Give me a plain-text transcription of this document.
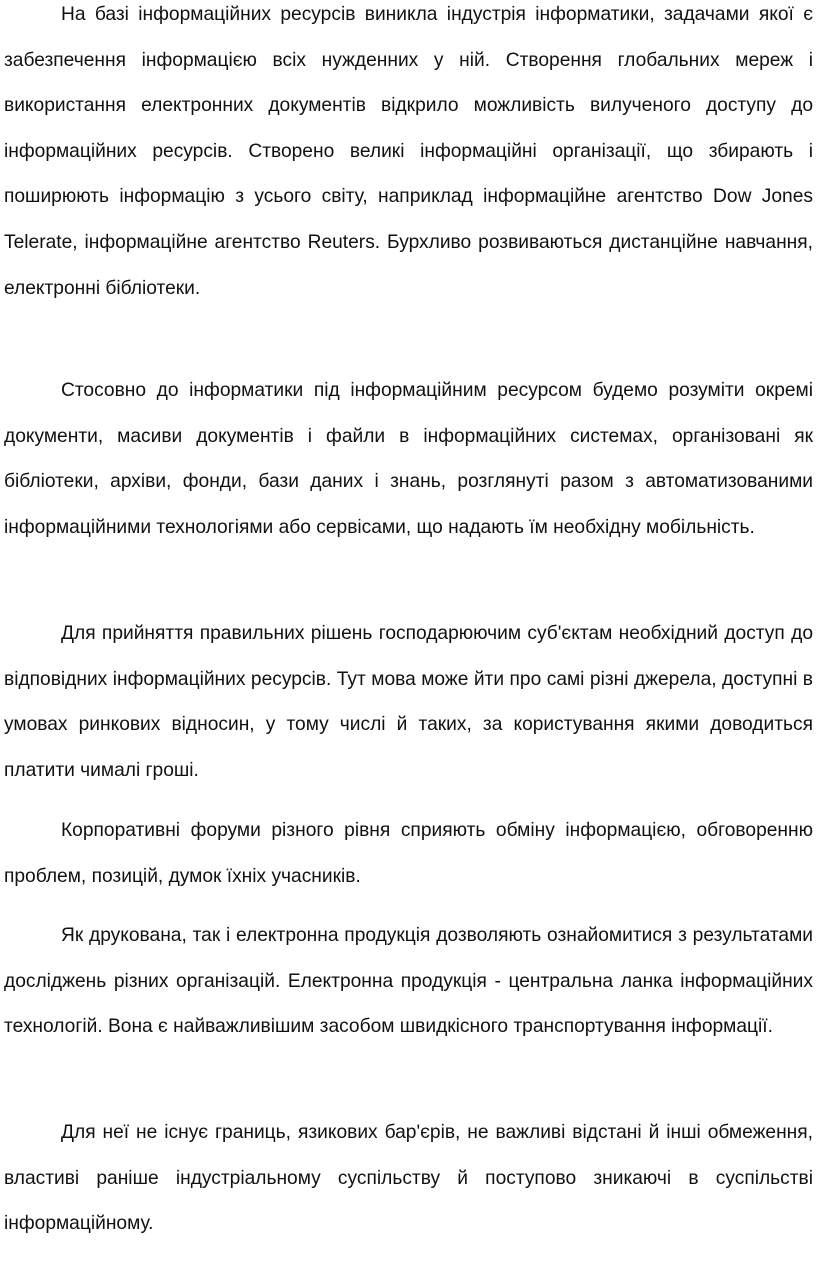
На базі інформаційних ресурсів виникла індустрія інформатики, задачами якої є забезпечення інформацією всіх нужденних у ній. Створення глобальних мереж і використання електронних документів відкрило можливість вилученого доступу до інформаційних ресурсів. Створено великі інформаційні організації, що збирають і поширюють інформацію з усього світу, наприклад інформаційне агентство Dow Jones Telerate, інформаційне агентство Reuters. Бурхливо розвиваються дистанційне навчання, електронні бібліотеки.

Стосовно до інформатики під інформаційним ресурсом будемо розуміти окремі документи, масиви документів і файли в інформаційних системах, організовані як бібліотеки, архіви, фонди, бази даних і знань, розглянуті разом з автоматизованими інформаційними технологіями або сервісами, що надають їм необхідну мобільність.

Для прийняття правильних рішень господарюючим суб'єктам необхідний доступ до відповідних інформаційних ресурсів. Тут мова може йти про самі різні джерела, доступні в умовах ринкових відносин, у тому числі й таких, за користування якими доводиться платити чималі гроші.

Корпоративні форуми різного рівня сприяють обміну інформацією, обговоренню проблем, позицій, думок їхніх учасників.

Як друкована, так і електронна продукція дозволяють ознайомитися з результатами досліджень різних організацій. Електронна продукція - центральна ланка інформаційних технологій. Вона є найважливішим засобом швидкісного транспортування інформації.

Для неї не існує границь, язикових бар'єрів, не важливі відстані й інші обмеження, властиві раніше індустріальному суспільству й поступово зникаючі в суспільстві інформаційному.
